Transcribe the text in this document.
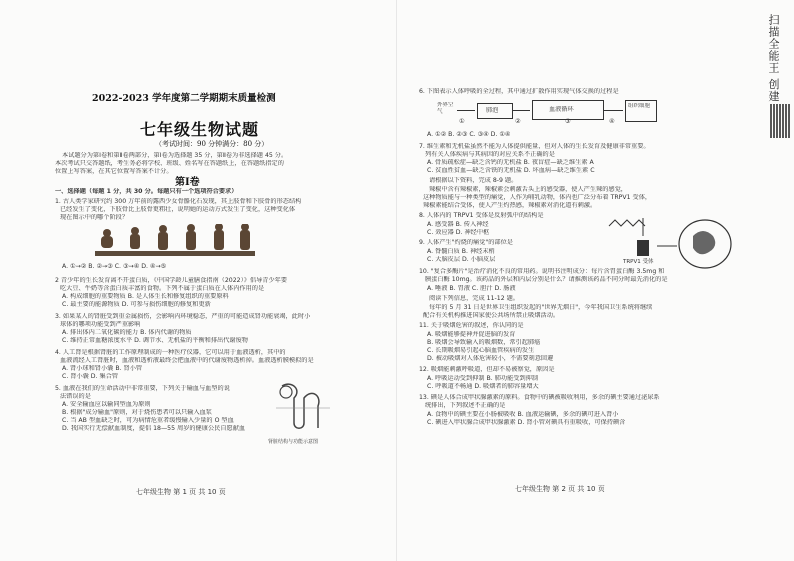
2022-2023 学年度第二学期期末质量检测
七年级生物试题
（考试时间：90 分钟满分：80 分）
本试题分为第Ⅰ卷和第Ⅱ卷两部分，第Ⅰ卷为选择题 35 分，第Ⅱ卷为非选择题 45 分。
本次考试只交答题纸，考生务必将学校、班级、姓名写在答题纸上，在答题纸指定的
位置上写答案，在其它位置写答案不计分。
第Ⅰ卷
一、选择题（每题 1 分，共 30 分。每题只有一个选项符合要求）
1. 古人类学家研究约 300 万年前的露西少女骨骼化石发现，其上肢骨和下肢骨的形态结构
已经发生了变化，下肢骨比上肢骨更粗壮，说明她的运动方式发生了变化，这种变化体
现在图示中的哪个阶段？
A. ①→② B. ②→③ C. ③→④ D. ④→⑤
2 青少年的生长发育离不开蛋白质，《中国学龄儿童膳食指南（2022）》倡导青少年要
吃大豆、牛奶等含蛋白质丰富的食物。下列不属于蛋白质在人体内作用的是
A. 构成细胞的重要物质 B. 是人体生长和修复组织的重要原料
C. 最主要的能源物质 D. 可参与损伤细胞的修复和更新
3. 如果某人的肾脏受到重金属损伤，会影响内环境稳态，严重的可能造成肾功能衰竭，此时小
球体的哪项功能受到严重影响
A. 排出体内二氧化碳的能力 B. 体内代谢的物质
C. 维持正常血糖浓度水平 D. 调节水、无机盐的平衡和排出代谢废物
4. 人工肾是根据肾脏的工作原理制成的一种医疗仪器，它可以用于血液透析，其中的
血液流经人工肾脏时，血液和透析液最终会把血液中的代谢废物透析掉。血液透析膜模拟的是
A. 肾小球和肾小囊 B. 肾小管
C. 肾小囊 D. 集合管
5. 血液在我们的生命活动中非常重要，下列关于输血与血型的说
法错误的是
A. 安全输血应以输同型血为原则
B. 根据"成分输血"原则，对于烧伤患者可以只输入血浆
C. 当 AB 型血缺乏时，可为病情危重者缓慢输入少量的 O 型血
D. 我国实行无偿献血制度，提倡 18—55 周岁的健康公民自愿献血
肾脏结构与功能示意图
七年级生物 第 1 页 共 10 页
6. 下图表示人体呼吸的全过程，其中通过扩散作用实现气体交换的过程是
外界空气	肺泡	血液循环	组织细胞
①	②	③	④
A. ①② B. ②③ C. ③④ D. ①④
7. 维生素和无机盐虽然不能为人体提供能量，但对人体的生长发育及健康非常重要。
列有关人体疾病与其病因的对应关系不正确的是
A. 骨质疏松症—缺乏含钙的无机盐 B. 夜盲症—缺乏维生素 A
C. 贫血性贫血—缺乏含铁的无机盐 D. 坏血病—缺乏维生素 C
请根据以下资料，完成 8-9 题。
辣椒中含有辣椒素，辣椒素会刺激舌头上的感受器，使人产生辣的感觉，
这种物质能与一种类型的痛觉，人作为哺乳动物，体内也广泛分布着 TRPV1 受体，
辣椒素能结合受体，使人产生灼热感，辣椒素对消化道有刺激。
8. 人体内的 TRPV1 受体是反射弧中的结构是
A. 感受器 B. 传入神经
C. 效应器 D. 神经中枢
9. 人体产生"灼烧的痛觉"的部位是
A. 脊髓白质 B. 神经末梢
C. 大脑皮层 D. 小脑皮层	TRPV1 受体
10. "复合多酶片"是治疗消化不良的常用药。说明书注明成分：每片含胃蛋白酶 3.5mg 和
胰蛋白酶 10mg。该药品的外层和内层分别是什么？请推测该药品不同分时最先消化的是
A. 唾液 B. 胃液 C. 胆汁 D. 肠液
阅读下列信息，完成 11-12 题。
每年的 5 月 31 日是世界卫生组织发起的"世界无烟日"，今年我国卫生系统将继续
配合有关机构推进国家使公共场所禁止吸烟活动。
11. 关于吸烟危害的叙述，你认同的是
A. 吸烟能够提神并促进脑的发育
B. 吸烟会导致输入的吸烟数，常引起肺癌
C. 长期吸烟易引起心脑血管疾病的发生
D. 被动吸烟对人体危害较小，不需要刻意回避
12. 吸烟能刺激呼吸道，但却不易被察觉，原因是
A. 呼吸运动受到抑制 B. 肺功能受到抑制
C. 呼吸道不畅通 D. 吸烟者的肺容量增大
13. 碘是人体合成甲状腺激素的原料。食物中的碘被吸收利用，多余的碘主要通过泌尿系
统排出，下列叙述不正确的是
A. 食物中的碘主要在小肠被吸收 B. 血液运输碘，多余的碘可进入肾小
C. 碘进入甲状腺合成甲状腺激素 D. 肾小管对碘具有重吸收，可保持碘含
七年级生物 第 2 页 共 10 页
扫描全能王 创建
